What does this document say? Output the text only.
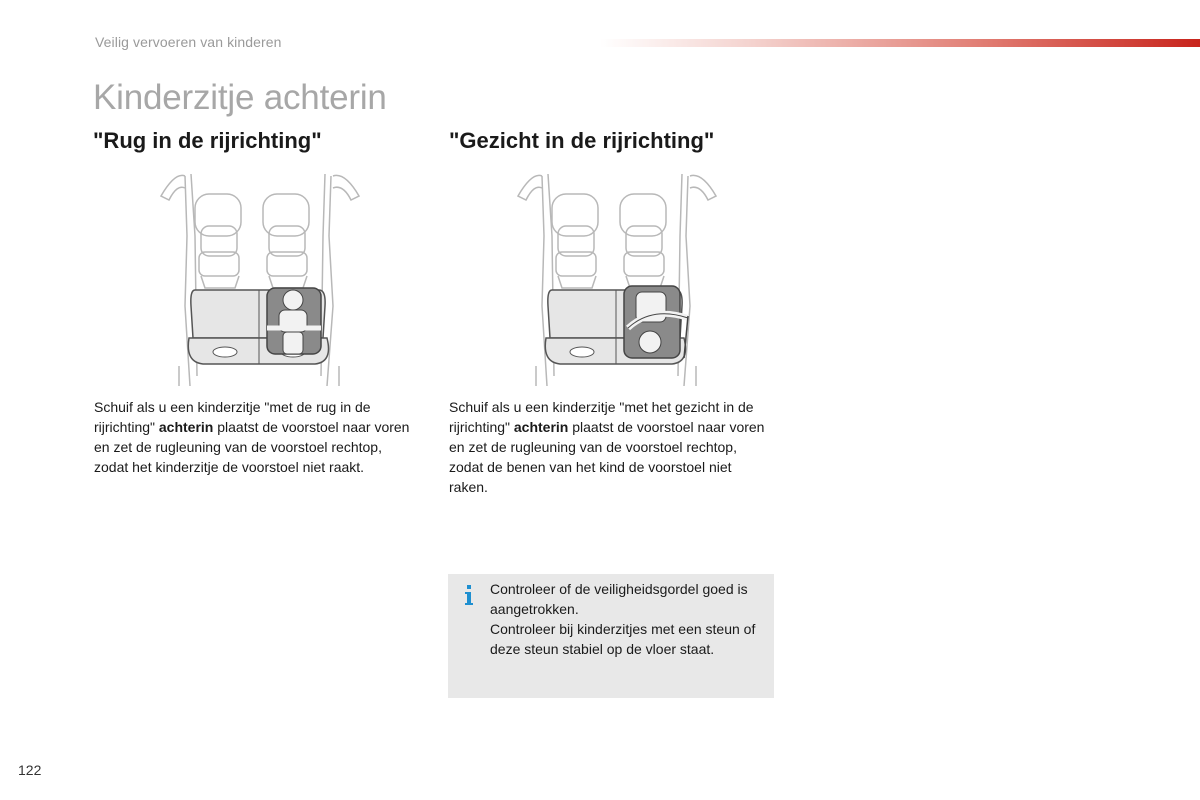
Veilig vervoeren van kinderen
Kinderzitje achterin
"Rug in de rijrichting"	"Gezicht in de rijrichting"
Schuif als u een kinderzitje "met de rug in de rijrichting" achterin plaatst de voorstoel naar voren en zet de rugleuning van de voorstoel rechtop, zodat het kinderzitje de voorstoel niet raakt.
Schuif als u een kinderzitje "met het gezicht in de rijrichting" achterin plaatst de voorstoel naar voren en zet de rugleuning van de voorstoel rechtop, zodat de benen van het kind de voorstoel niet raken.

Controleer of de veiligheidsgordel goed is aangetrokken.

Controleer bij kinderzitjes met een steun of deze steun stabiel op de vloer staat.

122
